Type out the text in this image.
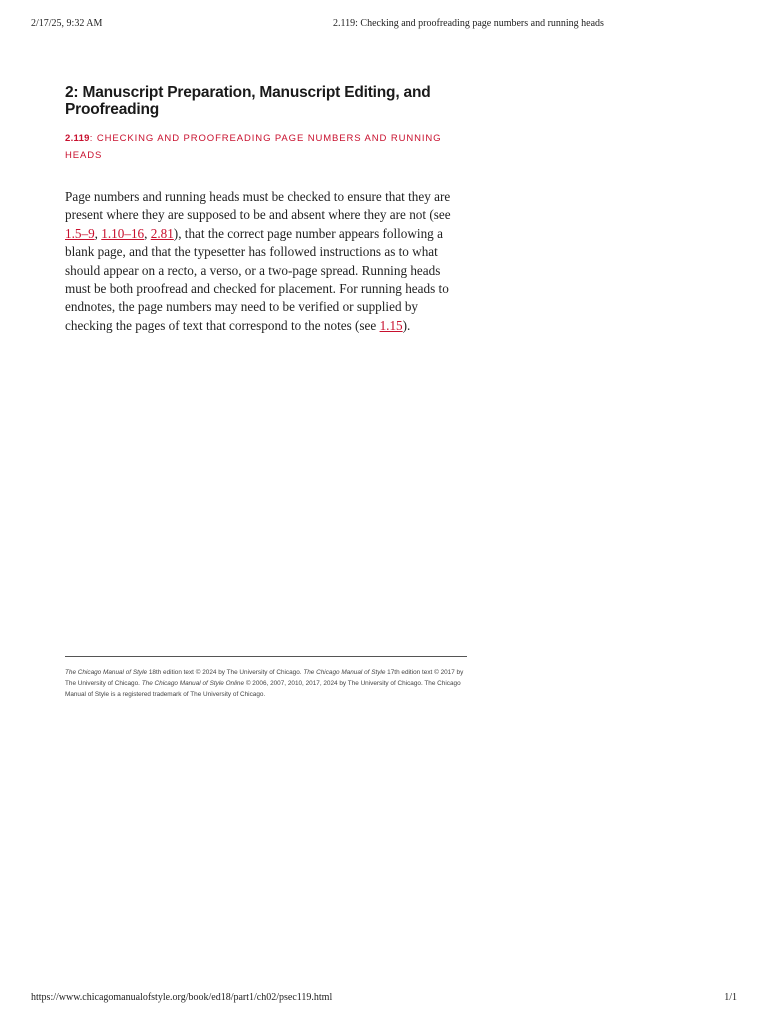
2/17/25, 9:32 AM	2.119: Checking and proofreading page numbers and running heads
2: Manuscript Preparation, Manuscript Editing, and Proofreading
2.119: CHECKING AND PROOFREADING PAGE NUMBERS AND RUNNING HEADS

Page numbers and running heads must be checked to ensure that they are present where they are supposed to be and absent where they are not (see 1.5–9, 1.10–16, 2.81), that the correct page number appears following a blank page, and that the typesetter has followed instructions as to what should appear on a recto, a verso, or a two-page spread. Running heads must be both proofread and checked for placement. For running heads to endnotes, the page numbers may need to be verified or supplied by checking the pages of text that correspond to the notes (see 1.15).

The Chicago Manual of Style 18th edition text © 2024 by The University of Chicago. The Chicago Manual of Style 17th edition text © 2017 by The University of Chicago. The Chicago Manual of Style Online © 2006, 2007, 2010, 2017, 2024 by The University of Chicago. The Chicago Manual of Style is a registered trademark of The University of Chicago.
https://www.chicagomanualofstyle.org/book/ed18/part1/ch02/psec119.html	1/1
